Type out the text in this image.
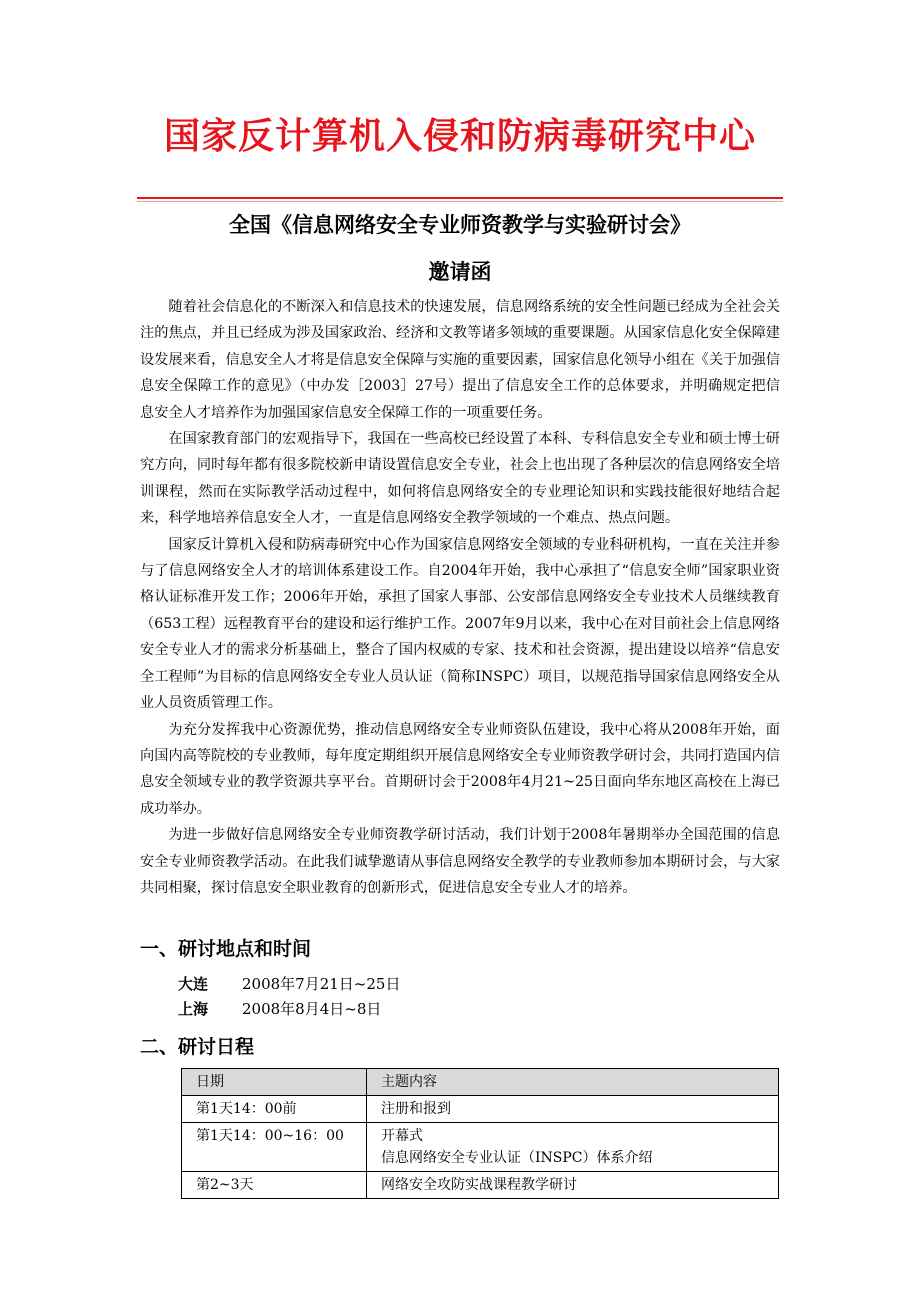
国家反计算机入侵和防病毒研究中心
全国《信息网络安全专业师资教学与实验研讨会》
邀请函

随着社会信息化的不断深入和信息技术的快速发展，信息网络系统的安全性问题已经成为全社会关注的焦点，并且已经成为涉及国家政治、经济和文教等诸多领域的重要课题。从国家信息化安全保障建设发展来看，信息安全人才将是信息安全保障与实施的重要因素，国家信息化领导小组在《关于加强信息安全保障工作的意见》（中办发［2003］27号）提出了信息安全工作的总体要求，并明确规定把信息安全人才培养作为加强国家信息安全保障工作的一项重要任务。

在国家教育部门的宏观指导下，我国在一些高校已经设置了本科、专科信息安全专业和硕士博士研究方向，同时每年都有很多院校新申请设置信息安全专业，社会上也出现了各种层次的信息网络安全培训课程，然而在实际教学活动过程中，如何将信息网络安全的专业理论知识和实践技能很好地结合起来，科学地培养信息安全人才，一直是信息网络安全教学领域的一个难点、热点问题。

国家反计算机入侵和防病毒研究中心作为国家信息网络安全领域的专业科研机构，一直在关注并参与了信息网络安全人才的培训体系建设工作。自2004年开始，我中心承担了“信息安全师”国家职业资格认证标准开发工作；2006年开始，承担了国家人事部、公安部信息网络安全专业技术人员继续教育（653工程）远程教育平台的建设和运行维护工作。2007年9月以来，我中心在对目前社会上信息网络安全专业人才的需求分析基础上，整合了国内权威的专家、技术和社会资源，提出建设以培养“信息安全工程师”为目标的信息网络安全专业人员认证（简称INSPC）项目，以规范指导国家信息网络安全从业人员资质管理工作。

为充分发挥我中心资源优势，推动信息网络安全专业师资队伍建设，我中心将从2008年开始，面向国内高等院校的专业教师，每年度定期组织开展信息网络安全专业师资教学研讨会，共同打造国内信息安全领域专业的教学资源共享平台。首期研讨会于2008年4月21~25日面向华东地区高校在上海已成功举办。

为进一步做好信息网络安全专业师资教学研讨活动，我们计划于2008年暑期举办全国范围的信息安全专业师资教学活动。在此我们诚挚邀请从事信息网络安全教学的专业教师参加本期研讨会，与大家共同相聚，探讨信息安全职业教育的创新形式，促进信息安全专业人才的培养。

一、研讨地点和时间
大连 2008年7月21日~25日
上海 2008年8月4日~8日
二、研讨日程
日期	主题内容
第1天14：00前	注册和报到

第1天14：00~16：00	开幕式
信息网络安全专业认证（INSPC）体系介绍

第2~3天	网络安全攻防实战课程教学研讨
